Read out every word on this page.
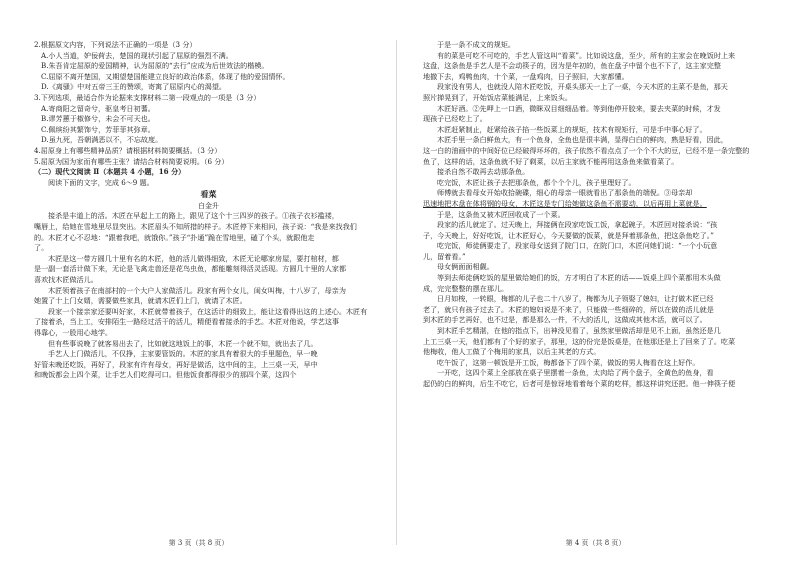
2.根据原文内容，下列说法不正确的一项是（3 分）

A.小人当道，妒佞荷去，楚国的现状引起了屈原的强烈不满。

B.朱吾肯定屈原的爱国精神，认为屈原的“去行”应成为后世效法的楷模。

C.屈原不离开楚国，又期望楚国能建立良好的政治体系，体现了他的爱国情怀。

D.《离骚》中对五帝三王的赞颂，寄寓了屈原内心的渴望。

3.下列选项，最适合作为论据来支撑材料二第一段观点的一项是（3 分）

A.寄商阳之留奇兮，驱皇考日初蓍。

B.谬芳蕙于椒修兮，未会不可天也。

C.佩缤纷其繁饰兮，芳菲菲其弥章。

D.虽九死，吾朝满恶以不，不忘故度。

4.屈原身上有哪些精神品质？请根据材料简要概括。（3 分）

5.屈原为国为家而有哪些主张？请结合材料简要说明。（6 分）

（二）现代文阅读 Ⅱ（本题共 4 小题，16 分）

阅读下面的文字，完成 6～9 题。

看菜

白金升

接杀是丰道上的活。木匠在早起上工的路上，跟见了这个十三四岁的孩子。①孩子衣衫褴褛，

嘴唇上，给她在雪地里尽显突出。木匠眉头不知所措的样子。木匠停下来相问，孩子说：“我是来找我们

的。木匠才心不忍地：“跟着我吧，就饿你。”孩子“扑通”跪在雪地里，磕了个头，就跟他走

了。

木匠是这一带方圆几十里有名的木匠，他的活儿做得细致，木匠无论哪家房屋，要打棺材，都

是一副一套活计做下来，无论是飞禽走兽还是花鸟虫鱼，都能雕刻得活灵活现。方圆几十里的人家都

喜欢找木匠做活儿。

木匠领着孩子在南部村的一个大户人家做活儿。段家有两个女儿，闺女叫梅，十八岁了，母亲为

她置了十上门女婿，需要做些家具，就请木匠们上门，就请了木匠。

段家一个接亲家还要叫好家，木匠就带着孩子，在这活计的细致上，能让这看得出这的上述心。木匠有

了接着杀，当上工，安排陌生一路经过活干的活儿，精便看着接杀的手艺。木匠对他说，学艺这事

得靠心，一股用心地学。

但有些事说晚了就客易出去了，比如就这地饭上的事，木匠一个就不知，就出去了几。

手艺人上门做活儿，不仅挣，主家要管饭的。木匠的家具有着很大的手里题色，早一晚

好管未晚还吃饭，再好了，段家有许有母女，再好是做活，这中间的主，上三桌一天，早中

和晚饭都会上四个菜，让手艺人们吃得可口。但他饭食都得很少的那四个菜，这四个

第 3 页（共 8 页）

于是一条不成文的规矩。

有的菜是可吃不可吃的，手艺人管这叫“看菜”。比如说这盘，至少，所有的主家会在晚饭时上来

这盘，这条鱼是手艺人是不会动筷子的，因为是年初的，鱼在盘子中留个也不下了，这主家完整

地撤下去，鸡鸭鱼肉，十个菜，一盘鸡肉，日子照旧，大家都懂。

段家没有男人，也就没人陪木匠吃饭，开桌头那天一上了一桌，今天木匠的主菜不是鱼，那天

照片掸晃到了，开始饭店菜能满足，上来饭头。

木匠好酒。②先呷上一口酒，微眯双目细细品着。等到他停开胶来，要去夹菜的时候，才发

现孩子已经吃上了。

木匠赶紧制止，赶紧给孩子掐一些饭菜上的规矩，技术有规矩行，可是手中事心好了。

木匠手里一条白鲜鱼大，有一个鱼身，全鱼也是很丰满，显得白白的鲜肉，熟是好看，因此，

这一白的油画中的中间好位已经破得坏坏的，孩子依然不看点点了一个个不大的豆，已经不是一条完整的

鱼了，这样的话，这条鱼就不好了剩菜，以后主家就不能再用这条鱼来做看菜了。

接杀自然不敢再去动那条鱼。

吃完饭，木匠让孩子去把那条鱼，都个个个儿，孩子里理好了。

师傅就去看母女开始收拾碗碟，细心的母亲一眼就看出了那条鱼的端倪。③母亲却

迅速地把木盘在体将钢的母女，木匠这是专门给她做这条鱼不需要动，以后再用上菜就是。

于是，这条鱼又被木匠回收成了一个菜。

段家的活儿就定了。过天晚上，拜接俩在段家吃饭工饭，拿起碗子，木匠回对接杀说：“孩

子，今天晚上，好好吃饭，让木匠好心，今天要做的饭菜，就是拜着那条鱼，把这条鱼吃了。”

吃完饭，师徒俩要走了，段家母女送到了院门口，在院门口，木匠问她们说：“一个小玩意

儿，留着看。”

母女俩面面相觑。

等到去师徒俩吃饭的屋里做给她们的饭，方才明白了木匠的话——饭桌上四个菜都用木头做

成，完完整整的摆在那儿。

日月如梭，一转眼，梅都的儿子也二十八岁了，梅都为儿子领娶了媳妇，让打做木匠已经

老了，就只有孩子过去了。木匠的媳妇说是不来了，只能做一些细碎的，所以在做的活儿就是

到木匠的手艺再好，也不过是，都是那么一件，不大的活儿，这做成其他木活，就可以了。

到木匠手艺精湛，在他的指点下，出神没见看了，虽然家里做活却是见不上面，虽然还是几

上工三桌一天，他们都有了个好的家子，那里，这的份完是饭桌是，在他那还是上了回来了了。吃菜

他梅收，他人工做了个梅用的家具，以后主其老的方式。

吃午饭了，这第一顿饭是开工饭，梅都备下了四个菜，做饭的男人梅看在这上好作。

一开吃，这四个菜上全部放在桌子里摆着一条鱼，太肉给了两个盘子，全黄色的鱼身，看

起仍的白的鲜肉，后生不吃它，后者可是惊讶地看着每个菜的吃样，都这样讲究还把。他一伸筷子便

第 4 页（共 8 页）
